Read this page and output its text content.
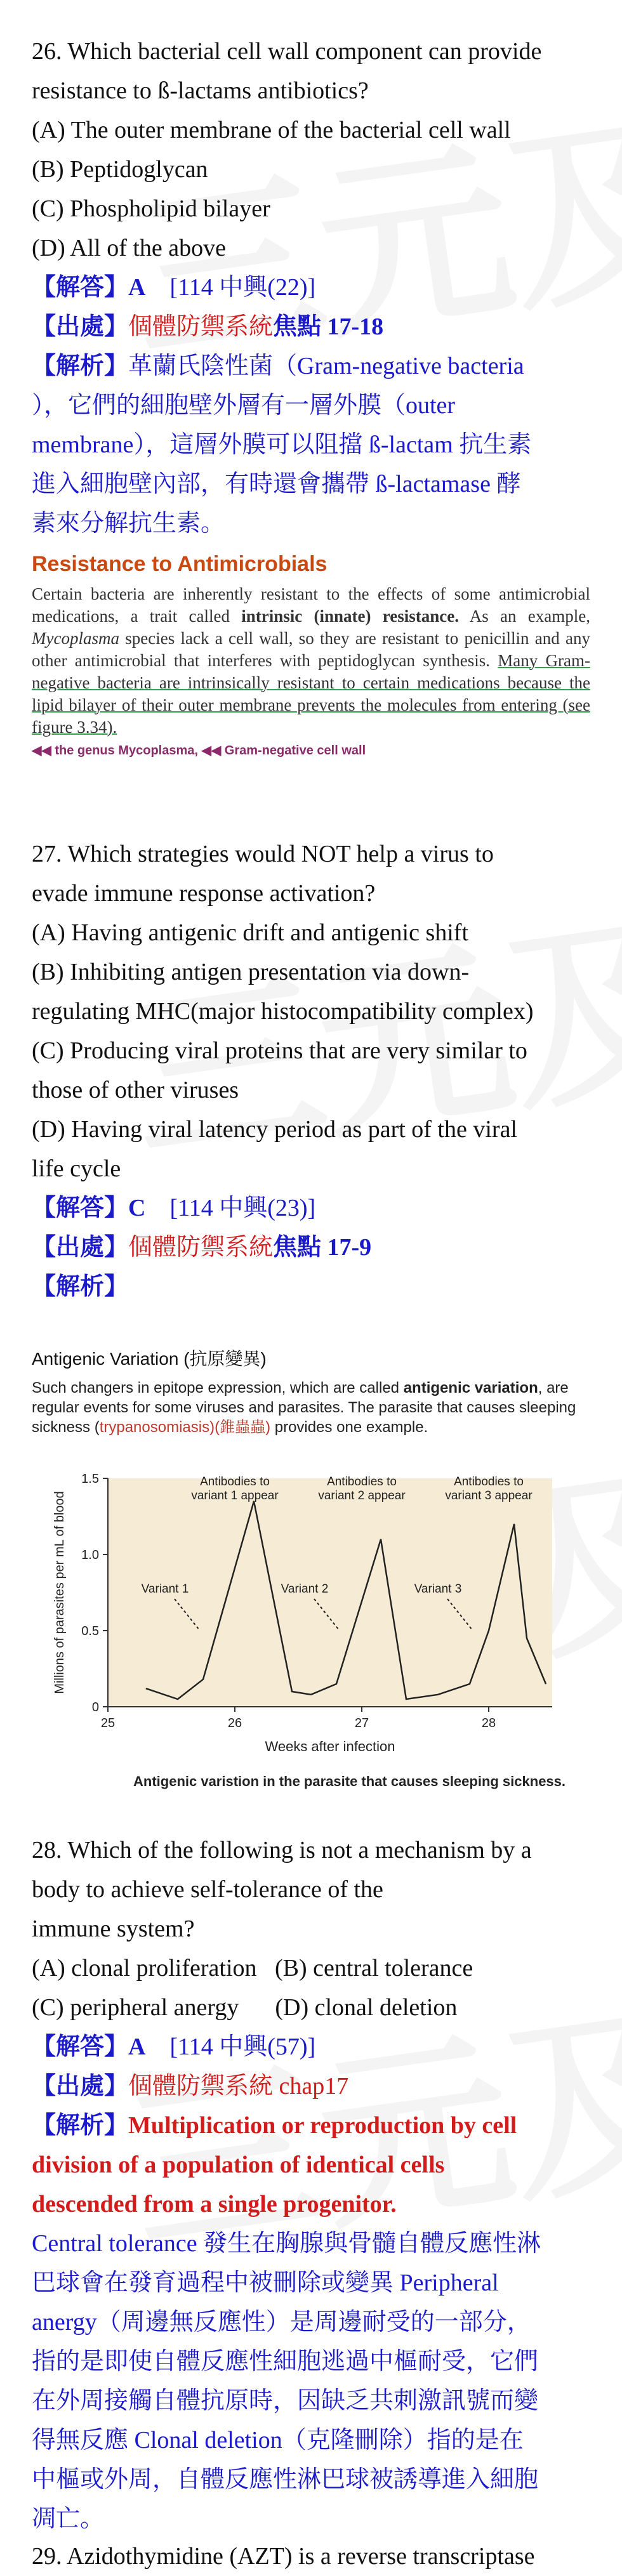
26. Which bacterial cell wall component can provide
resistance to ß-lactams antibiotics?
(A) The outer membrane of the bacterial cell wall
(B) Peptidoglycan
(C) Phospholipid bilayer
(D) All of the above
【解答】A [114 中興(22)]
【出處】個體防禦系統焦點 17-18
【解析】革蘭氏陰性菌（Gram-negative bacteria
），它們的細胞壁外層有一層外膜（outer
membrane），這層外膜可以阻擋 ß-lactam 抗生素
進入細胞壁內部，有時還會攜帶 ß-lactamase 酵
素來分解抗生素。
Resistance to Antimicrobials

Certain bacteria are inherently resistant to the effects of some antimicrobial medications, a trait called intrinsic (innate) resistance. As an example, Mycoplasma species lack a cell wall, so they are resistant to penicillin and any other antimicrobial that interferes with peptidoglycan synthesis. Many Gram-negative bacteria are intrinsically resistant to certain medications because the lipid bilayer of their outer membrane prevents the molecules from entering (see figure 3.34).

◀◀ the genus Mycoplasma, ◀◀ Gram-negative cell wall
27. Which strategies would NOT help a virus to
evade immune response activation?
(A) Having antigenic drift and antigenic shift
(B) Inhibiting antigen presentation via down-
regulating MHC(major histocompatibility complex)
(C) Producing viral proteins that are very similar to
those of other viruses
(D) Having viral latency period as part of the viral
life cycle
【解答】C [114 中興(23)]
【出處】個體防禦系統焦點 17-9
【解析】
Antigenic Variation (抗原變異)
Such changers in epitope expression, which are called antigenic variation, are regular events for some viruses and parasites. The parasite that causes sleeping sickness (trypanosomiasis)(錐蟲蟲) provides one example.
0
0.5
1.0
1.5
25	26	27	28
Weeks after infection
Millions of parasites per mL of blood
Antibodies to variant 1 appear
Antibodies to variant 2 appear
Antibodies to variant 3 appear
Variant 1	Variant 2	Variant 3
Antigenic varistion in the parasite that causes sleeping sickness.
28. Which of the following is not a mechanism by a
body to achieve self-tolerance of the
immune system?
(A) clonal proliferation   (B) central tolerance
(C) peripheral anergy      (D) clonal deletion
【解答】A [114 中興(57)]
【出處】個體防禦系統 chap17
【解析】Multiplication or reproduction by cell
division of a population of identical cells
descended from a single progenitor.
Central tolerance 發生在胸腺與骨髓自體反應性淋
巴球會在發育過程中被刪除或變異 Peripheral
anergy（周邊無反應性）是周邊耐受的一部分，
指的是即使自體反應性細胞逃過中樞耐受，它們
在外周接觸自體抗原時，因缺乏共刺激訊號而變
得無反應 Clonal deletion（克隆刪除）指的是在
中樞或外周，自體反應性淋巴球被誘導進入細胞
凋亡。
29. Azidothymidine (AZT) is a reverse transcriptase
